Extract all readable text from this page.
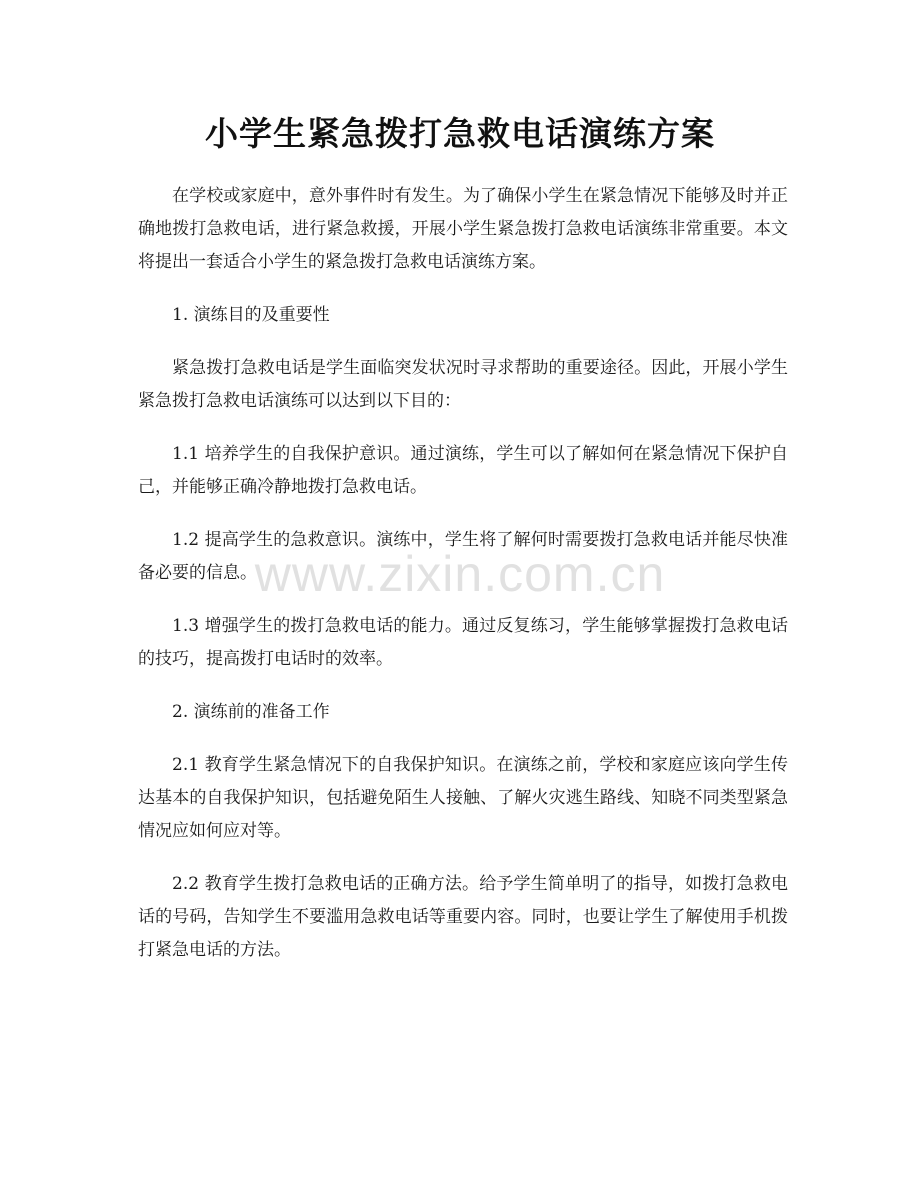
小学生紧急拨打急救电话演练方案

在学校或家庭中，意外事件时有发生。为了确保小学生在紧急情况下能够及时并正确地拨打急救电话，进行紧急救援，开展小学生紧急拨打急救电话演练非常重要。本文将提出一套适合小学生的紧急拨打急救电话演练方案。

1. 演练目的及重要性

紧急拨打急救电话是学生面临突发状况时寻求帮助的重要途径。因此，开展小学生紧急拨打急救电话演练可以达到以下目的：

1.1 培养学生的自我保护意识。通过演练，学生可以了解如何在紧急情况下保护自己，并能够正确冷静地拨打急救电话。

1.2 提高学生的急救意识。演练中，学生将了解何时需要拨打急救电话并能尽快准备必要的信息。

1.3 增强学生的拨打急救电话的能力。通过反复练习，学生能够掌握拨打急救电话的技巧，提高拨打电话时的效率。

2. 演练前的准备工作

2.1 教育学生紧急情况下的自我保护知识。在演练之前，学校和家庭应该向学生传达基本的自我保护知识，包括避免陌生人接触、了解火灾逃生路线、知晓不同类型紧急情况应如何应对等。

2.2 教育学生拨打急救电话的正确方法。给予学生简单明了的指导，如拨打急救电话的号码，告知学生不要滥用急救电话等重要内容。同时，也要让学生了解使用手机拨打紧急电话的方法。

www.zixin.com.cn
